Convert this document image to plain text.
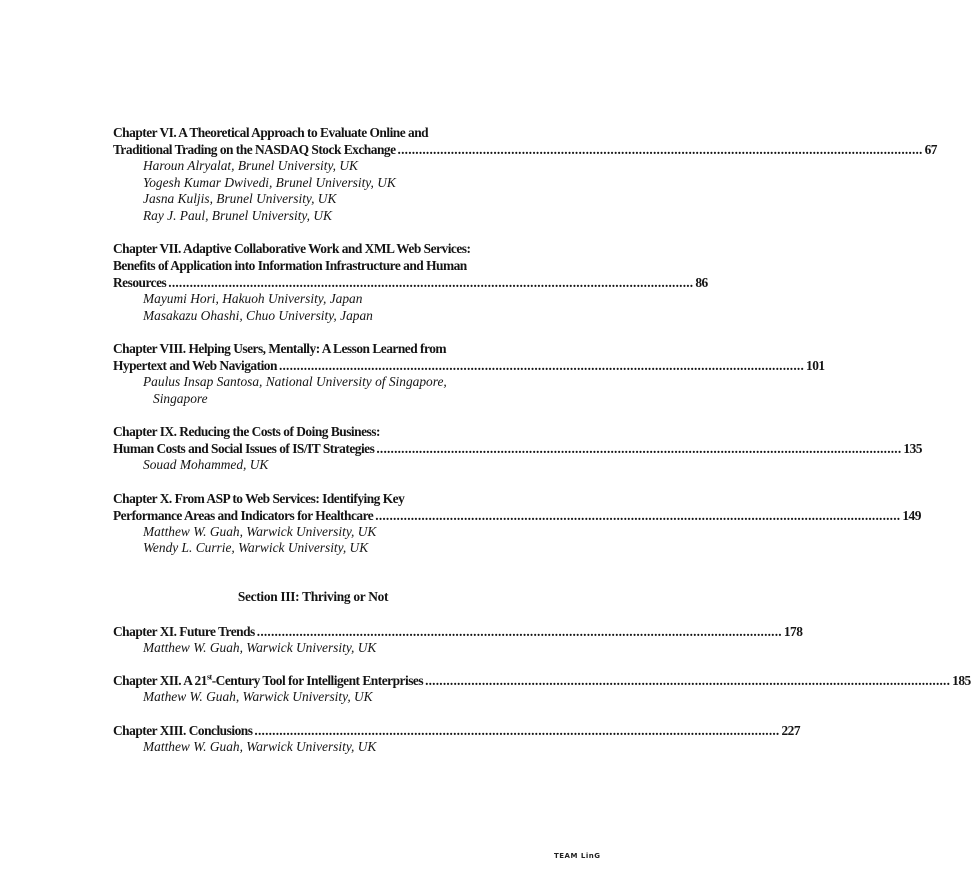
Chapter VI. A Theoretical Approach to Evaluate Online and
Traditional Trading on the NASDAQ Stock Exchange .................................................................................................................................................... 67
Haroun Alryalat, Brunel University, UK
Yogesh Kumar Dwivedi, Brunel University, UK
Jasna Kuljis, Brunel University, UK
Ray J. Paul, Brunel University, UK
Chapter VII. Adaptive Collaborative Work and XML Web Services:
Benefits of Application into Information Infrastructure and Human
Resources .................................................................................................................................................... 86
Mayumi Hori, Hakuoh University, Japan
Masakazu Ohashi, Chuo University, Japan
Chapter VIII. Helping Users, Mentally: A Lesson Learned from
Hypertext and Web Navigation .................................................................................................................................................... 101
Paulus Insap Santosa, National University of Singapore,
Singapore
Chapter IX. Reducing the Costs of Doing Business:
Human Costs and Social Issues of IS/IT Strategies .................................................................................................................................................... 135
Souad Mohammed, UK
Chapter X. From ASP to Web Services: Identifying Key
Performance Areas and Indicators for Healthcare .................................................................................................................................................... 149
Matthew W. Guah, Warwick University, UK
Wendy L. Currie, Warwick University, UK
Section III: Thriving or Not
Chapter XI. Future Trends .................................................................................................................................................... 178
Matthew W. Guah, Warwick University, UK
Chapter XII. A 21st-Century Tool for Intelligent Enterprises .................................................................................................................................................... 185
Mathew W. Guah, Warwick University, UK
Chapter XIII. Conclusions .................................................................................................................................................... 227
Matthew W. Guah, Warwick University, UK
TEAM LinG
